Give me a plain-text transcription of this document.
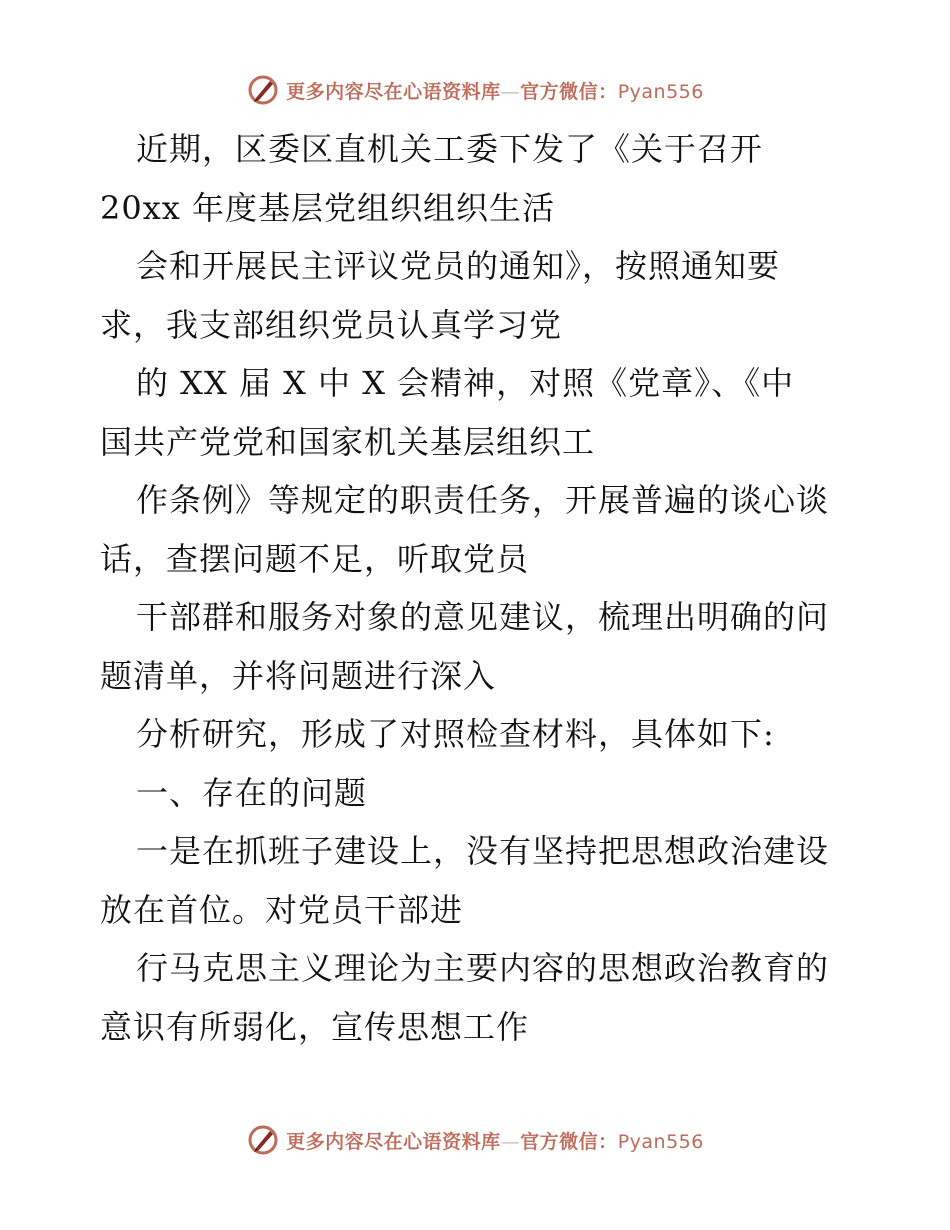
更多内容尽在心语资料库—官方微信：Pyan556
近期，区委区直机关工委下发了《关于召开
20xx 年度基层党组织组织生活
会和开展民主评议党员的通知》，按照通知要
求，我支部组织党员认真学习党
的 XX 届 X 中 X 会精神，对照《党章》、《中
国共产党党和国家机关基层组织工
作条例》等规定的职责任务，开展普遍的谈心谈
话，查摆问题不足，听取党员
干部群和服务对象的意见建议，梳理出明确的问
题清单，并将问题进行深入
分析研究，形成了对照检查材料，具体如下:
一、存在的问题
一是在抓班子建设上，没有坚持把思想政治建设
放在首位。对党员干部进
行马克思主义理论为主要内容的思想政治教育的
意识有所弱化，宣传思想工作
更多内容尽在心语资料库—官方微信：Pyan556
